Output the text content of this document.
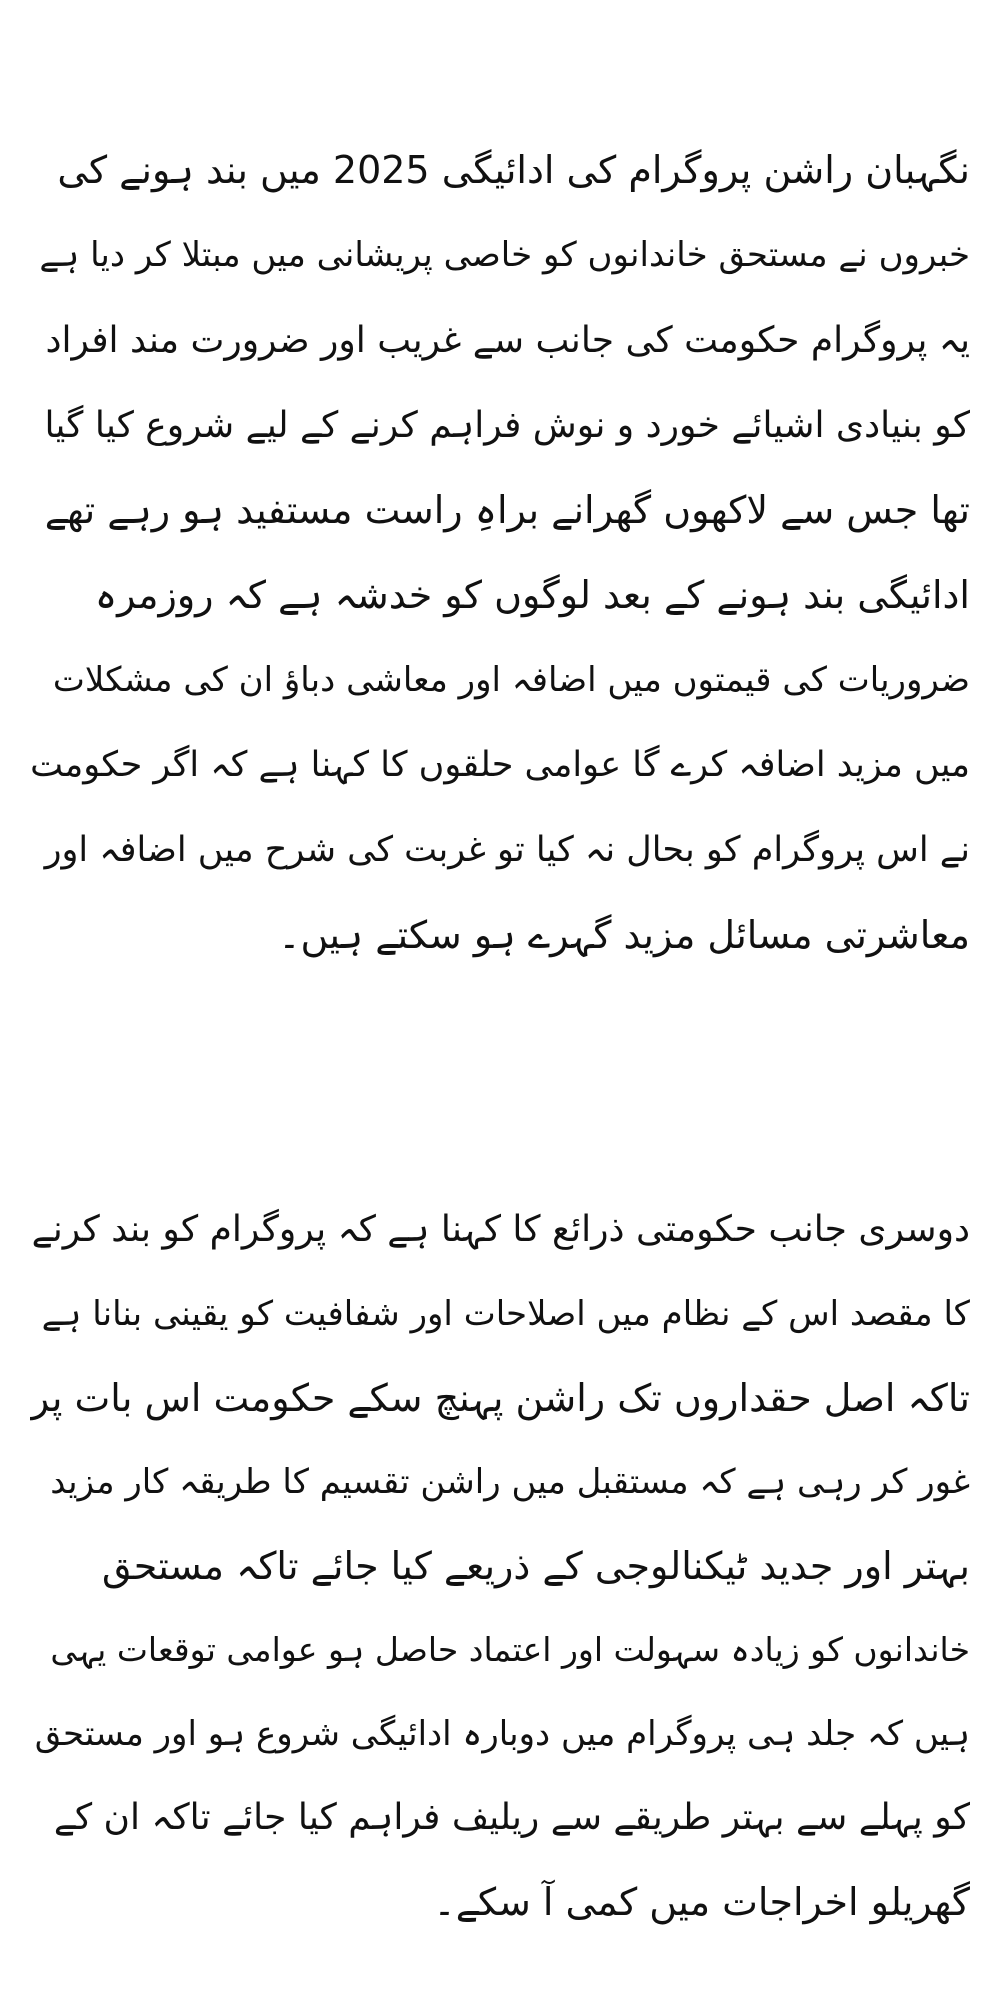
نگہبان راشن پروگرام کی ادائیگی 2025 میں بند ہونے کی
خبروں نے مستحق خاندانوں کو خاصی پریشانی میں مبتلا کر دیا ہے
یہ پروگرام حکومت کی جانب سے غریب اور ضرورت مند افراد
کو بنیادی اشیائے خورد و نوش فراہم کرنے کے لیے شروع کیا گیا
تھا جس سے لاکھوں گھرانے براہِ راست مستفید ہو رہے تھے
ادائیگی بند ہونے کے بعد لوگوں کو خدشہ ہے کہ روزمرہ
ضروریات کی قیمتوں میں اضافہ اور معاشی دباؤ ان کی مشکلات
میں مزید اضافہ کرے گا عوامی حلقوں کا کہنا ہے کہ اگر حکومت
نے اس پروگرام کو بحال نہ کیا تو غربت کی شرح میں اضافہ اور
معاشرتی مسائل مزید گہرے ہو سکتے ہیں۔
دوسری جانب حکومتی ذرائع کا کہنا ہے کہ پروگرام کو بند کرنے
کا مقصد اس کے نظام میں اصلاحات اور شفافیت کو یقینی بنانا ہے
تاکہ اصل حقداروں تک راشن پہنچ سکے حکومت اس بات پر
غور کر رہی ہے کہ مستقبل میں راشن تقسیم کا طریقہ کار مزید
بہتر اور جدید ٹیکنالوجی کے ذریعے کیا جائے تاکہ مستحق
خاندانوں کو زیادہ سہولت اور اعتماد حاصل ہو عوامی توقعات یہی
ہیں کہ جلد ہی پروگرام میں دوبارہ ادائیگی شروع ہو اور مستحق
کو پہلے سے بہتر طریقے سے ریلیف فراہم کیا جائے تاکہ ان کے
گھریلو اخراجات میں کمی آ سکے۔
